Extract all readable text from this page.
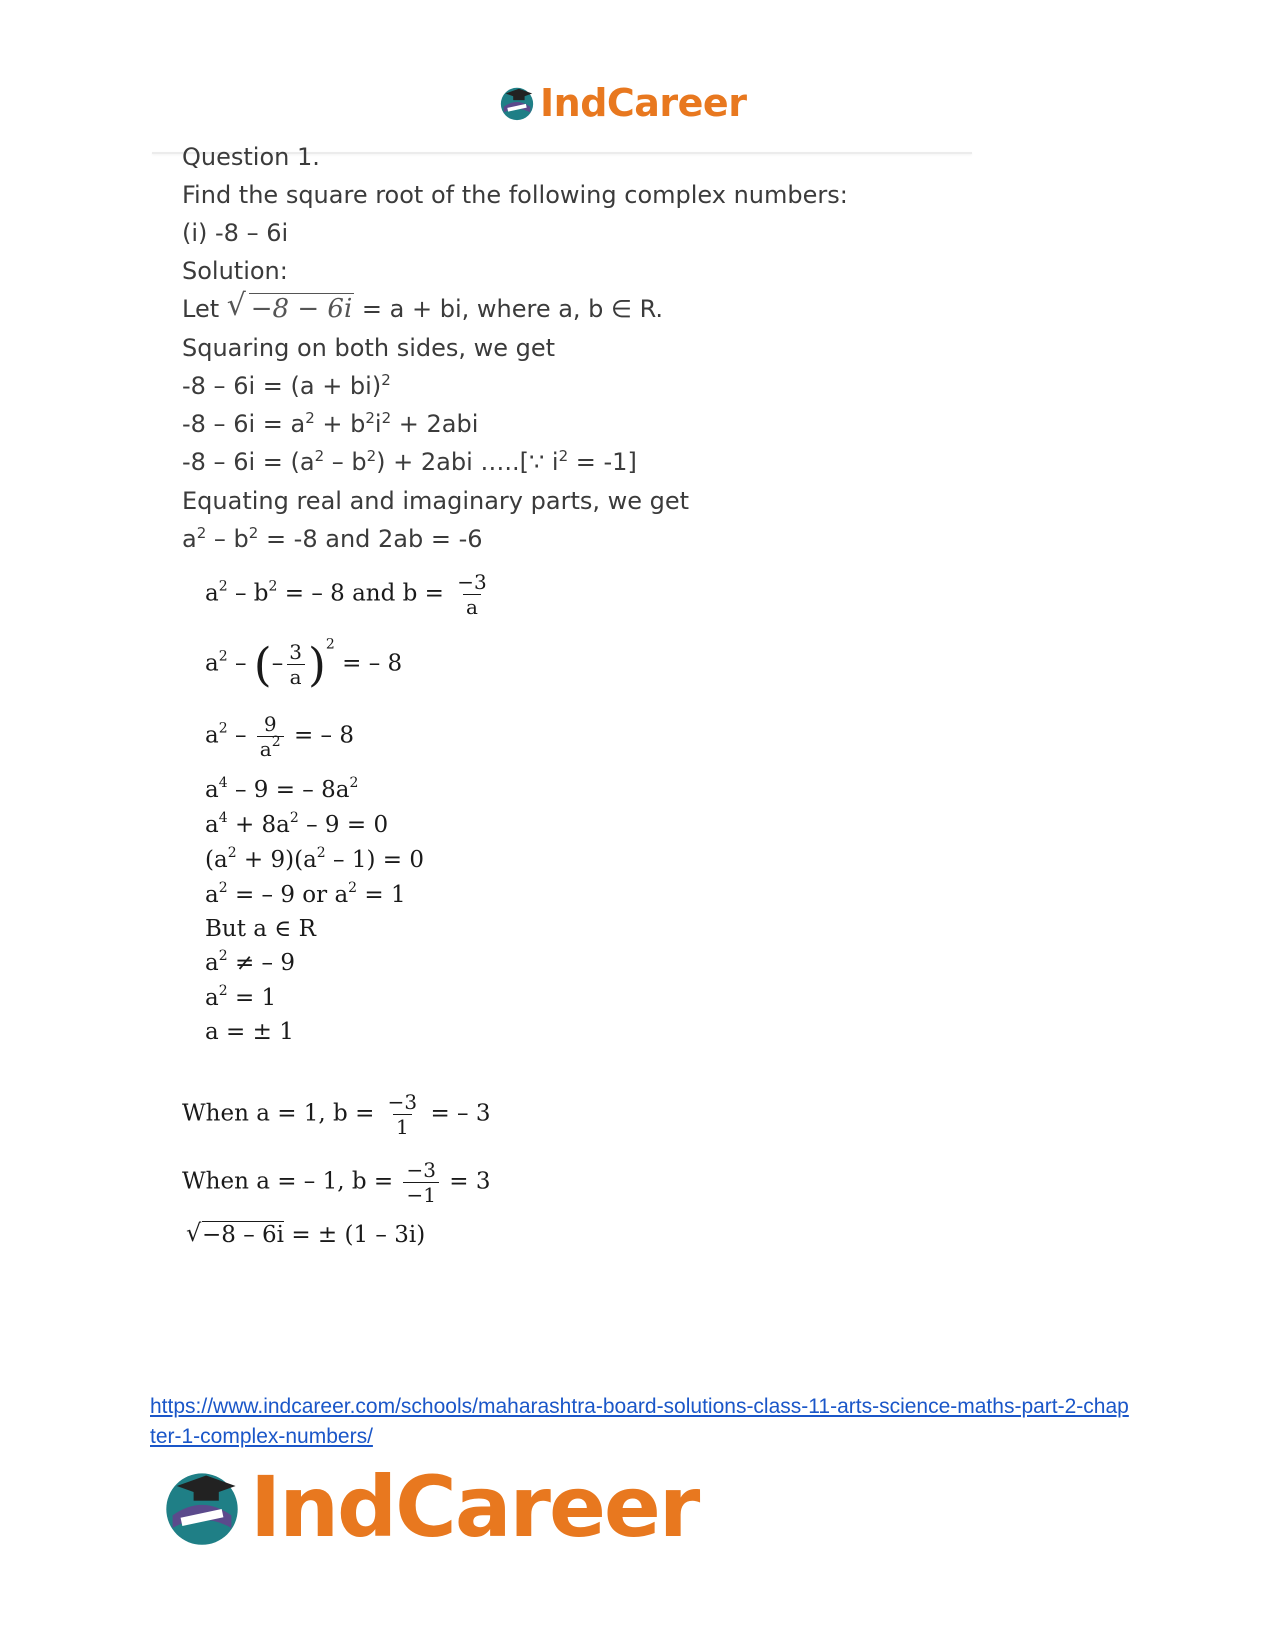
IndCareer
Question 1.
Find the square root of the following complex numbers:
(i) -8 – 6i
Solution:
Let √ −8 − 6i = a + bi, where a, b ∈ R.
Squaring on both sides, we get
-8 – 6i = (a + bi)$^2$
$-8 - 6i = a^2 + b^2i^2 + 2abi$
$-8 - 6i = (a^2 - b^2) + 2abi$ …..[∵ $i^2 = -1$]
Equating real and imaginary parts, we get
$a^2 - b^2 = -8$ and 2ab = -6
$a^2 - b^2$ = – 8 and $b = \frac{-3}{a}$
$a^2$ – (– $\frac{3}{a} )^2$ = – 8
$a^2 - \frac{9}{a^2}$ = – 8
$a^4 - 9$ = – $8a^2$
$a^4 + 8a^2 - 9 = 0$
$(a^2 + 9)(a^2 - 1) = 0$
$a^2$ = – 9 or $a^2 = 1$
But a ∈ R
$a^2$ ≠ – 9
$a^2 = 1$
a = ± 1
When a = 1, $b = \frac{-3}{1}$ = – 3
When a = – 1, $b = \frac{-3}{-1} = 3$
√ −8 – 6i = ± (1 – 3i)
https://www.indcareer.com/schools/maharashtra-board-solutions-class-11-arts-science-maths-part-2-chapter-1-complex-numbers/
IndCareer
